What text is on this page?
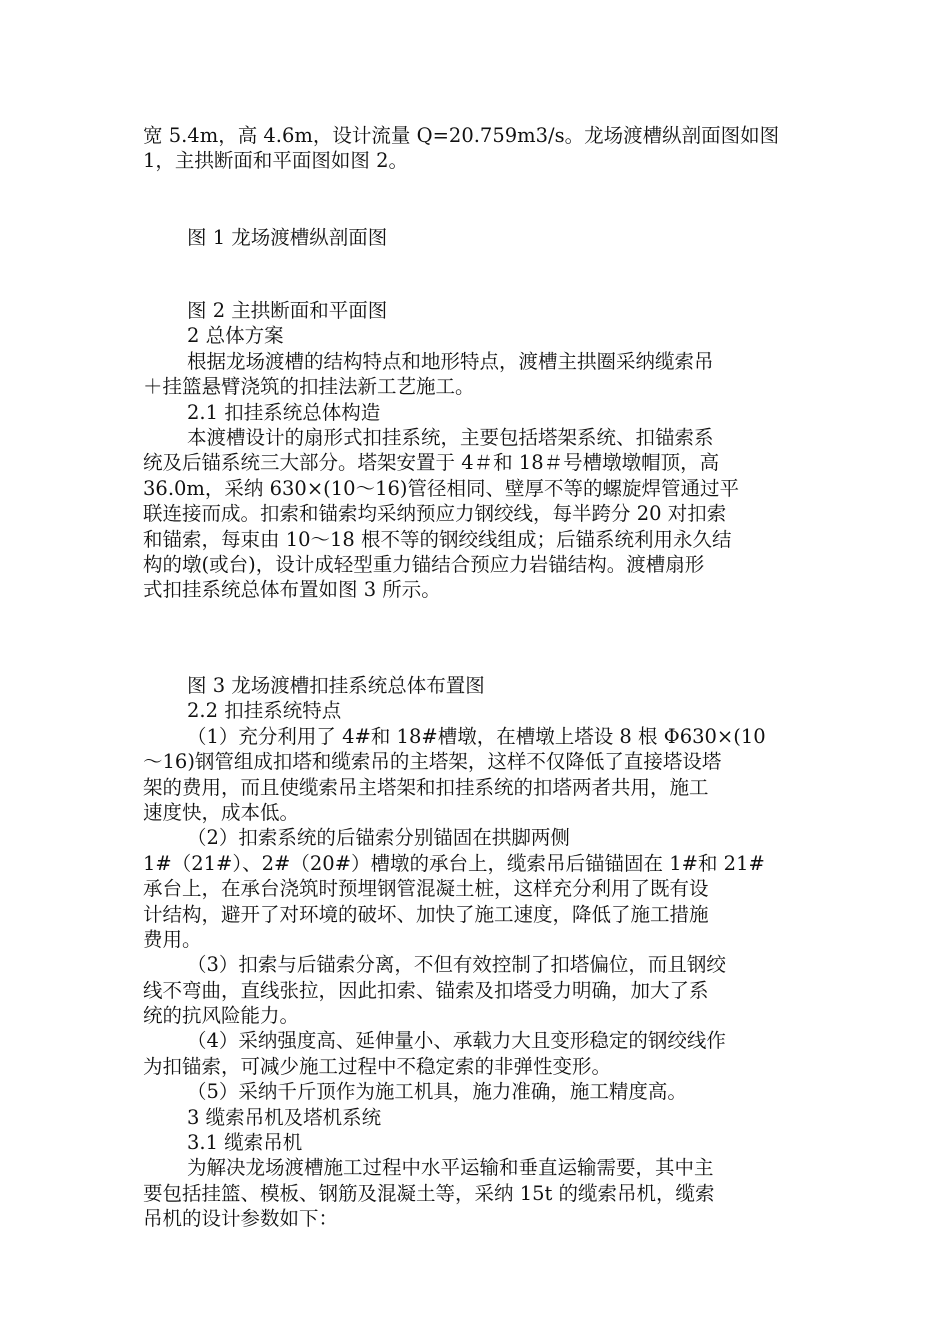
宽 5.4m，高 4.6m，设计流量 Q=20.759m3/s。龙场渡槽纵剖面图如图
1，主拱断面和平面图如图 2。
图 1 龙场渡槽纵剖面图
图 2 主拱断面和平面图
2 总体方案
根据龙场渡槽的结构特点和地形特点，渡槽主拱圈采纳缆索吊
＋挂篮悬臂浇筑的扣挂法新工艺施工。
2.1 扣挂系统总体构造
本渡槽设计的扇形式扣挂系统，主要包括塔架系统、扣锚索系
统及后锚系统三大部分。塔架安置于 4＃和 18＃号槽墩墩帽顶，高
36.0m，采纳 630×(10～16)管径相同、壁厚不等的螺旋焊管通过平
联连接而成。扣索和锚索均采纳预应力钢绞线，每半跨分 20 对扣索
和锚索，每束由 10～18 根不等的钢绞线组成；后锚系统利用永久结
构的墩(或台)，设计成轻型重力锚结合预应力岩锚结构。渡槽扇形
式扣挂系统总体布置如图 3 所示。
图 3 龙场渡槽扣挂系统总体布置图
2.2 扣挂系统特点
（1）充分利用了 4#和 18#槽墩，在槽墩上塔设 8 根 Φ630×(10
～16)钢管组成扣塔和缆索吊的主塔架，这样不仅降低了直接塔设塔
架的费用，而且使缆索吊主塔架和扣挂系统的扣塔两者共用，施工
速度快，成本低。
（2）扣索系统的后锚索分别锚固在拱脚两侧
1#（21#）、2#（20#）槽墩的承台上，缆索吊后锚锚固在 1#和 21#
承台上，在承台浇筑时预埋钢管混凝土桩，这样充分利用了既有设
计结构，避开了对环境的破坏、加快了施工速度，降低了施工措施
费用。
（3）扣索与后锚索分离，不但有效控制了扣塔偏位，而且钢绞
线不弯曲，直线张拉，因此扣索、锚索及扣塔受力明确，加大了系
统的抗风险能力。
（4）采纳强度高、延伸量小、承载力大且变形稳定的钢绞线作
为扣锚索，可减少施工过程中不稳定索的非弹性变形。
（5）采纳千斤顶作为施工机具，施力准确，施工精度高。
3 缆索吊机及塔机系统
3.1 缆索吊机
为解决龙场渡槽施工过程中水平运输和垂直运输需要，其中主
要包括挂篮、模板、钢筋及混凝土等，采纳 15t 的缆索吊机，缆索
吊机的设计参数如下：
